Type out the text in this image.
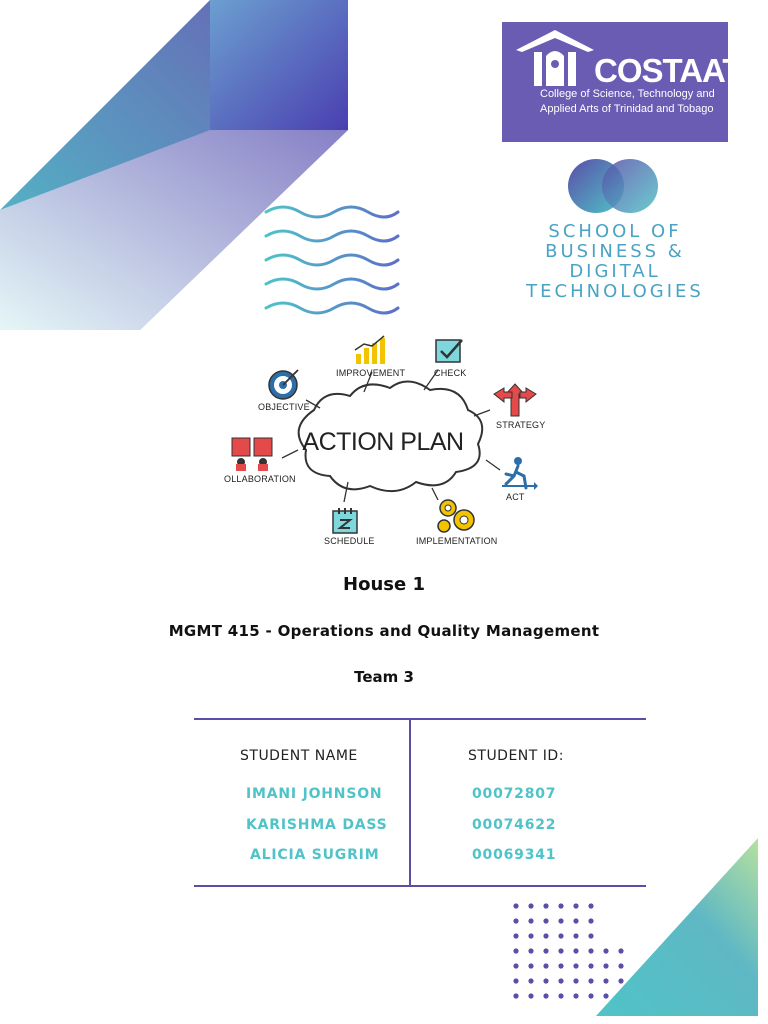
COSTAATT
College of Science, Technology and
Applied Arts of Trinidad and Tobago
SCHOOL OF
BUSINESS &
DIGITAL
TECHNOLOGIES
ACTION PLAN
IMPROVEMENT	CHECK
OBJECTIVE
STRATEGY
OLLABORATION
ACT
SCHEDULE	IMPLEMENTATION
House 1
MGMT 415 - Operations and Quality Management
Team 3
STUDENT NAME	STUDENT ID:
IMANI JOHNSON	00072807
KARISHMA DASS	00074622
ALICIA SUGRIM	00069341
